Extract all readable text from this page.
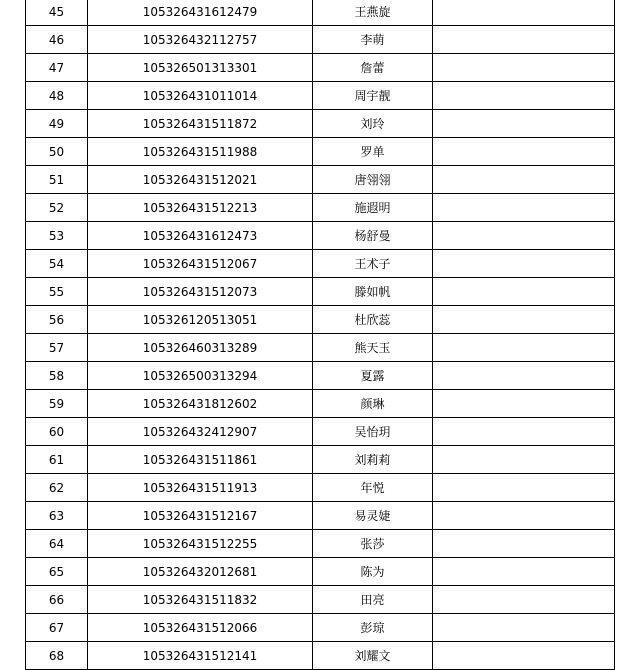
45	105326431612479	王燕旋	
46	105326432112757	李萌	
47	105326501313301	詹蕾	
48	105326431011014	周宇靓	
49	105326431511872	刘玲	
50	105326431511988	罗单	
51	105326431512021	唐翎翎	
52	105326431512213	施遐明	
53	105326431612473	杨舒曼	
54	105326431512067	王术子	
55	105326431512073	滕如帆	
56	105326120513051	杜欣蕊	
57	105326460313289	熊天玉	
58	105326500313294	夏露	
59	105326431812602	颜琳	
60	105326432412907	吴怡玥	
61	105326431511861	刘莉莉	
62	105326431511913	年悦	
63	105326431512167	易灵婕	
64	105326431512255	张莎	
65	105326432012681	陈为	
66	105326431511832	田亮	
67	105326431512066	彭琼	
68	105326431512141	刘耀文	
